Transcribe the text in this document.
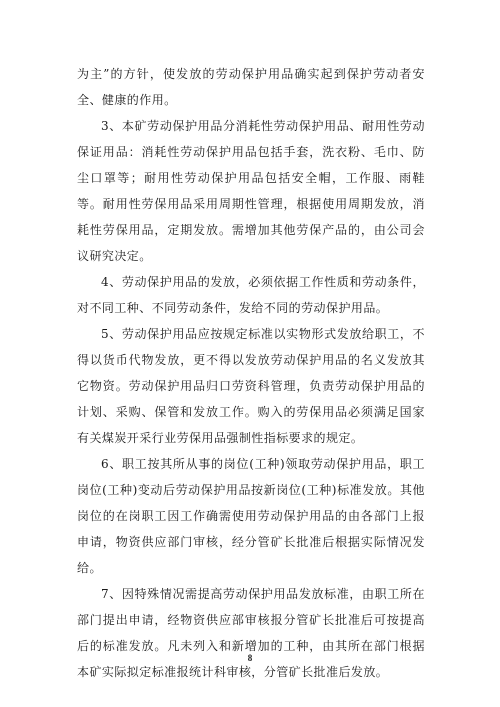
为主”的方针，使发放的劳动保护用品确实起到保护劳动者安全、健康的作用。

3、本矿劳动保护用品分消耗性劳动保护用品、耐用性劳动保证用品：消耗性劳动保护用品包括手套，洗衣粉、毛巾、防尘口罩等；耐用性劳动保护用品包括安全帽，工作服、雨鞋等。耐用性劳保用品采用周期性管理，根据使用周期发放，消耗性劳保用品，定期发放。需增加其他劳保产品的，由公司会议研究决定。

4、劳动保护用品的发放，必须依据工作性质和劳动条件，对不同工种、不同劳动条件，发给不同的劳动保护用品。

5、劳动保护用品应按规定标准以实物形式发放给职工，不得以货币代物发放，更不得以发放劳动保护用品的名义发放其它物资。劳动保护用品归口劳资科管理，负责劳动保护用品的计划、采购、保管和发放工作。购入的劳保用品必须满足国家有关煤炭开采行业劳保用品强制性指标要求的规定。

6、职工按其所从事的岗位(工种)领取劳动保护用品，职工岗位(工种)变动后劳动保护用品按新岗位(工种)标准发放。其他岗位的在岗职工因工作确需使用劳动保护用品的由各部门上报申请，物资供应部门审核，经分管矿长批准后根据实际情况发给。

7、因特殊情况需提高劳动保护用品发放标准，由职工所在部门提出申请，经物资供应部审核报分管矿长批准后可按提高后的标准发放。凡未列入和新增加的工种，由其所在部门根据本矿实际拟定标准报统计科审核，分管矿长批准后发放。

8
